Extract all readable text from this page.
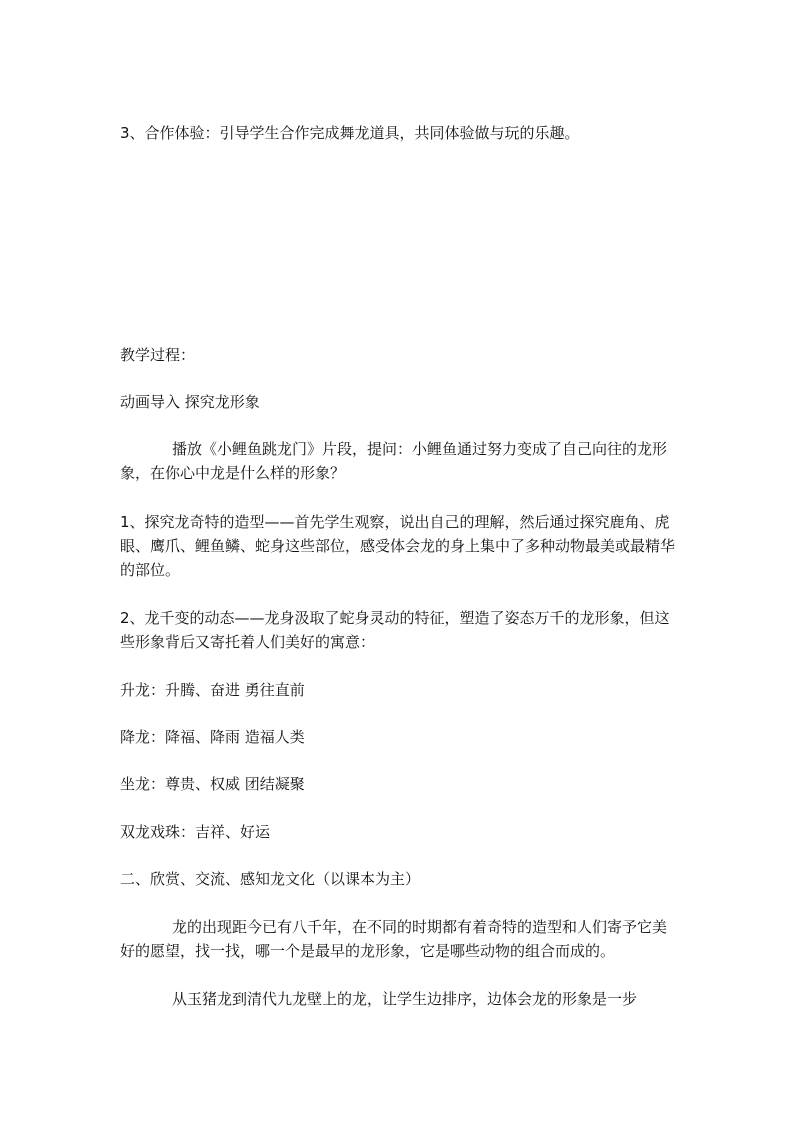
3、合作体验：引导学生合作完成舞龙道具，共同体验做与玩的乐趣。

教学过程：

动画导入 探究龙形象

播放《小鲤鱼跳龙门》片段，提问：小鲤鱼通过努力变成了自己向往的龙形象，在你心中龙是什么样的形象？

1、探究龙奇特的造型——首先学生观察，说出自己的理解，然后通过探究鹿角、虎眼、鹰爪、鲤鱼鳞、蛇身这些部位，感受体会龙的身上集中了多种动物最美或最精华的部位。

2、龙千变的动态——龙身汲取了蛇身灵动的特征，塑造了姿态万千的龙形象，但这些形象背后又寄托着人们美好的寓意：

升龙：升腾、奋进 勇往直前

降龙：降福、降雨 造福人类

坐龙：尊贵、权威 团结凝聚

双龙戏珠：吉祥、好运

二、欣赏、交流、感知龙文化（以课本为主）

龙的出现距今已有八千年，在不同的时期都有着奇特的造型和人们寄予它美好的愿望，找一找，哪一个是最早的龙形象，它是哪些动物的组合而成的。

从玉猪龙到清代九龙壁上的龙，让学生边排序，边体会龙的形象是一步
